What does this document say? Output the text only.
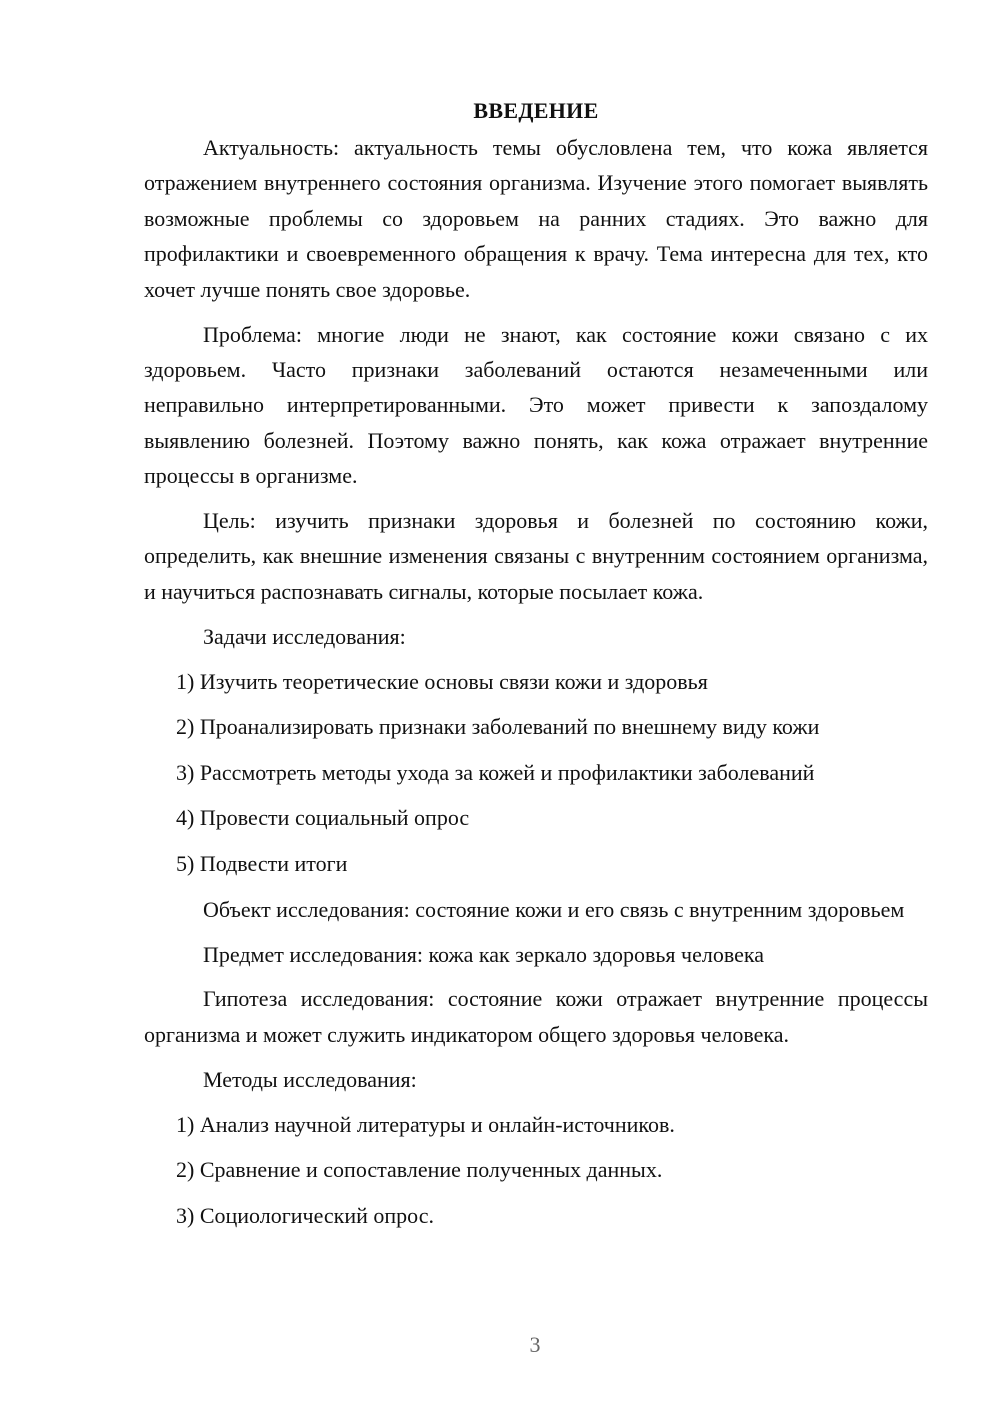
ВВЕДЕНИЕ

Актуальность: актуальность темы обусловлена тем, что кожа является отражением внутреннего состояния организма. Изучение этого помогает выявлять возможные проблемы со здоровьем на ранних стадиях. Это важно для профилактики и своевременного обращения к врачу. Тема интересна для тех, кто хочет лучше понять свое здоровье.

Проблема: многие люди не знают, как состояние кожи связано с их здоровьем. Часто признаки заболеваний остаются незамеченными или неправильно интерпретированными. Это может привести к запоздалому выявлению болезней. Поэтому важно понять, как кожа отражает внутренние процессы в организме.

Цель: изучить признаки здоровья и болезней по состоянию кожи, определить, как внешние изменения связаны с внутренним состоянием организма, и научиться распознавать сигналы, которые посылает кожа.

Задачи исследования:

1) Изучить теоретические основы связи кожи и здоровья
2) Проанализировать признаки заболеваний по внешнему виду кожи
3) Рассмотреть методы ухода за кожей и профилактики заболеваний
4) Провести социальный опрос
5) Подвести итоги

Объект исследования: состояние кожи и его связь с внутренним здоровьем

Предмет исследования: кожа как зеркало здоровья человека

Гипотеза исследования: состояние кожи отражает внутренние процессы организма и может служить индикатором общего здоровья человека.

Методы исследования:

1) Анализ научной литературы и онлайн-источников.
2) Сравнение и сопоставление полученных данных.
3) Социологический опрос.
3
